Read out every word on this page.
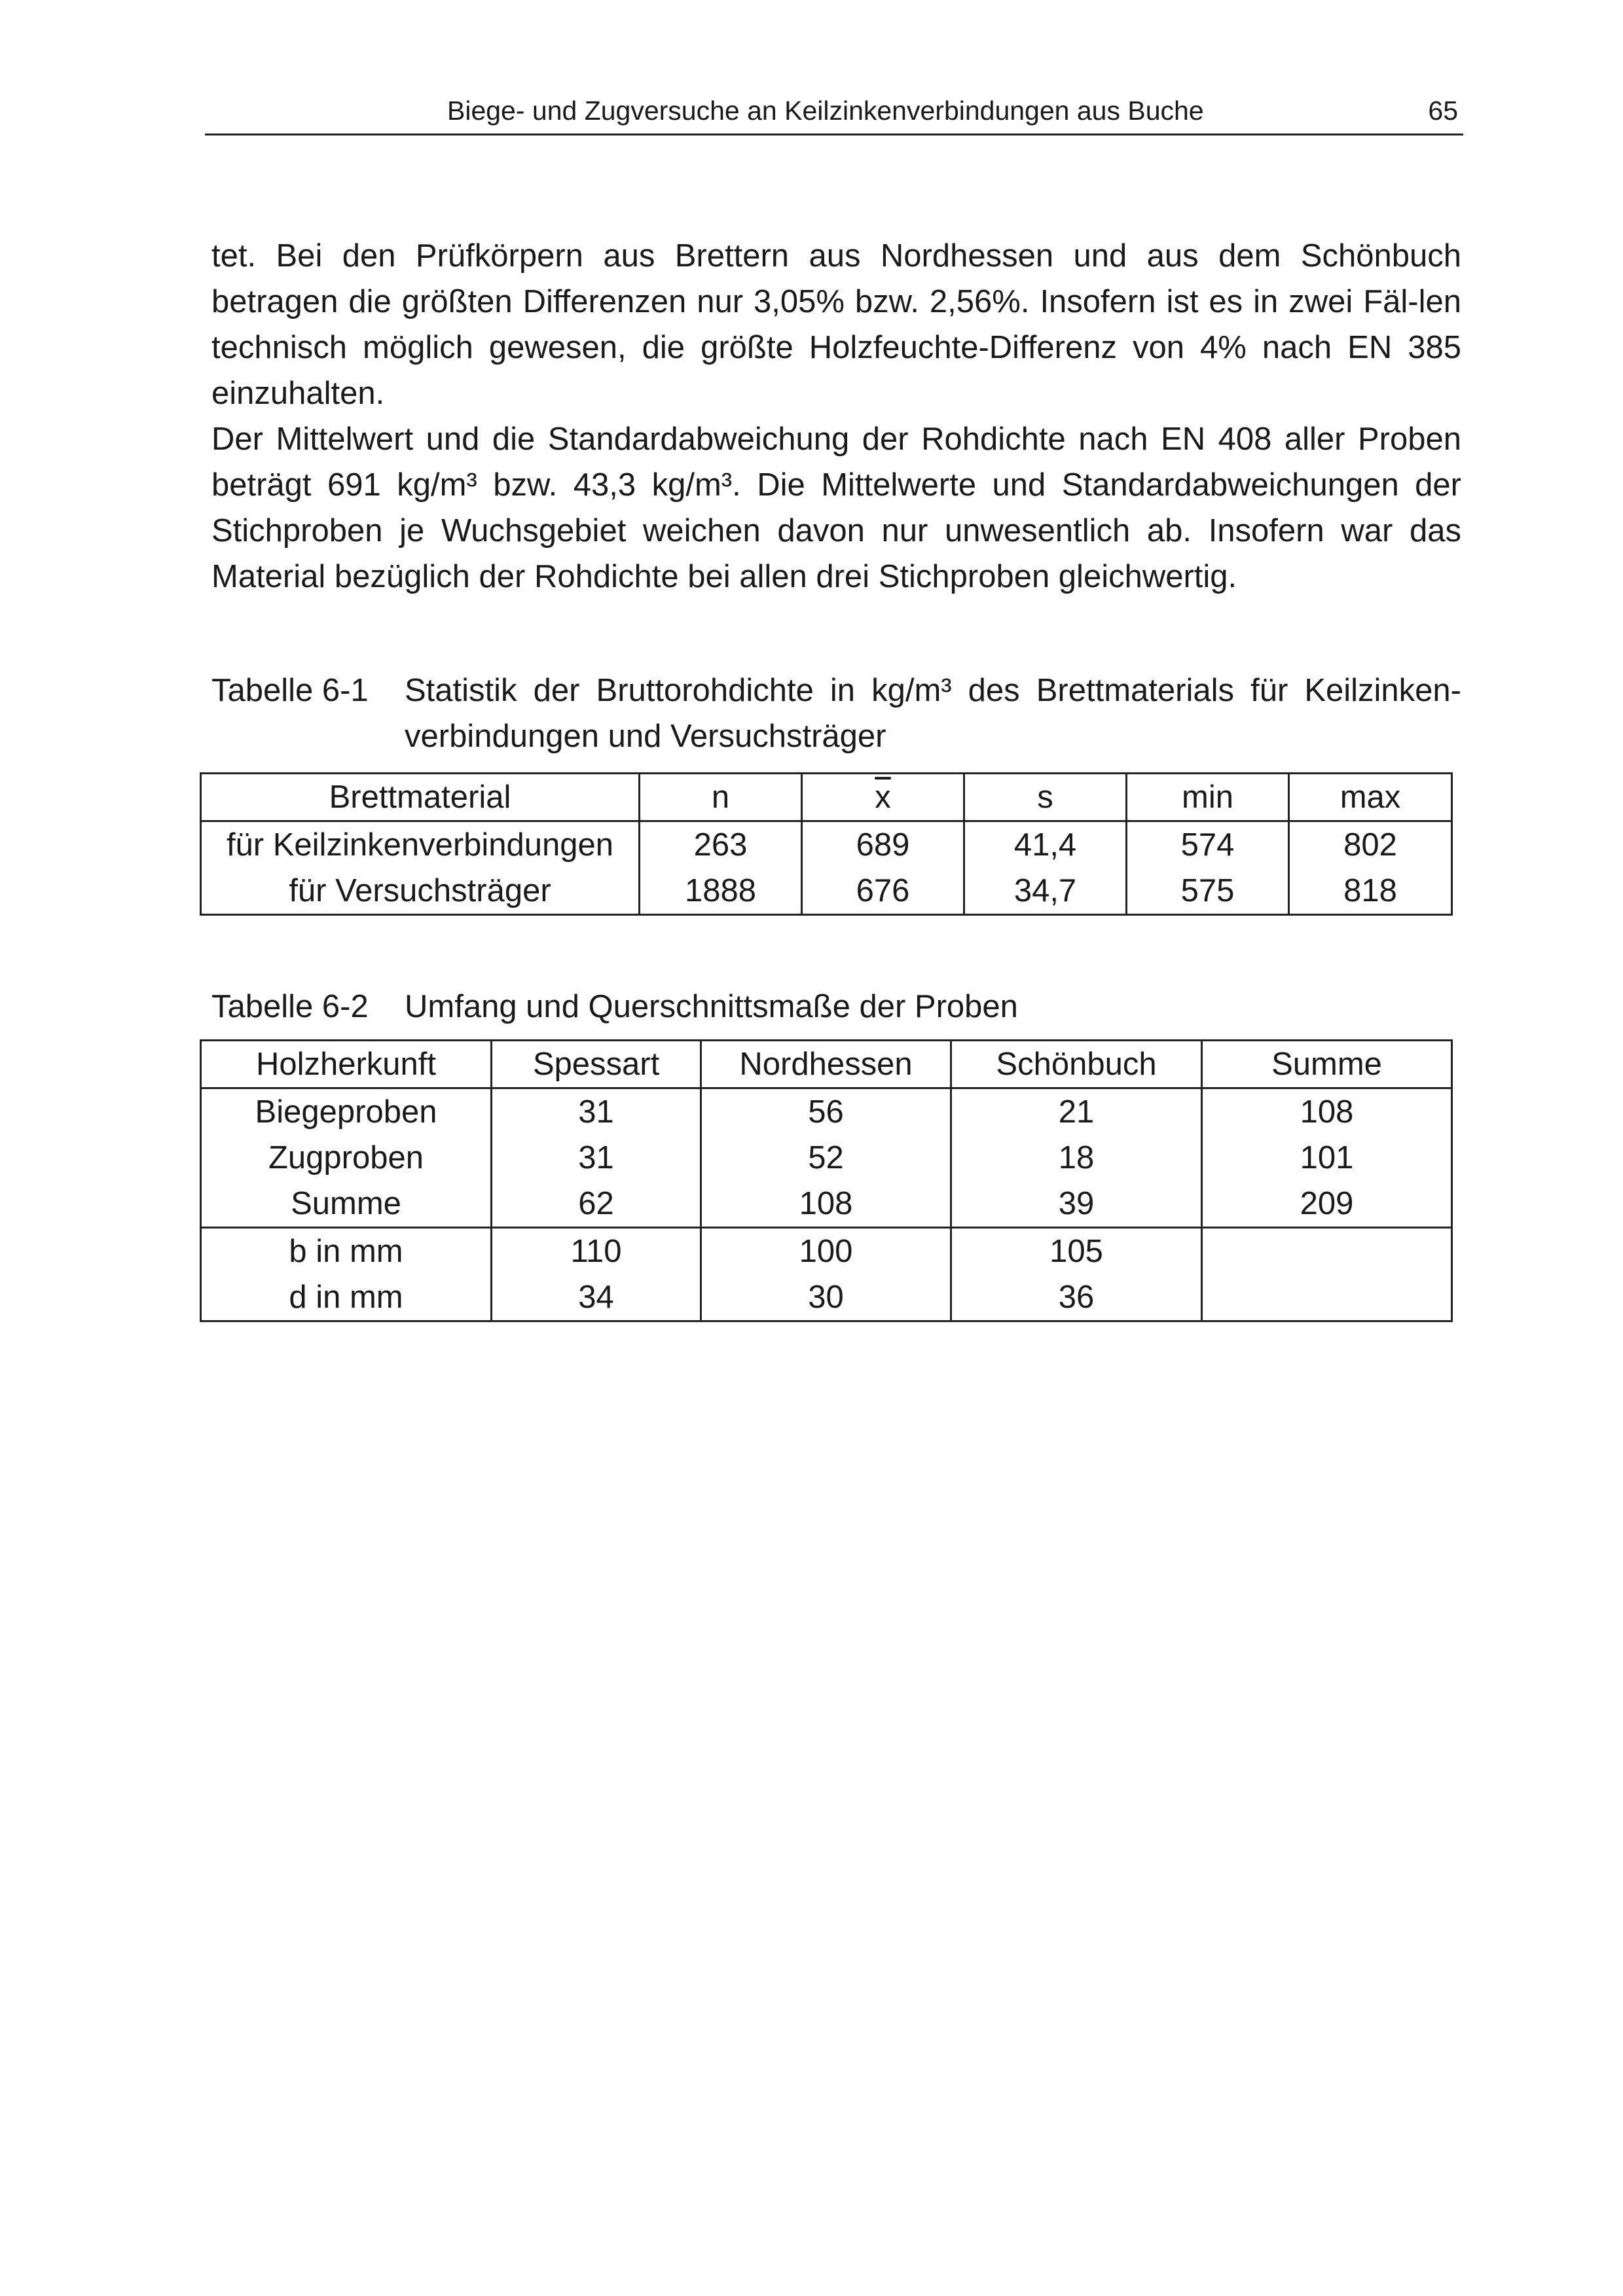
Biege- und Zugversuche an Keilzinkenverbindungen aus Buche	65

tet. Bei den Prüfkörpern aus Brettern aus Nordhessen und aus dem Schönbuch betragen die größten Differenzen nur 3,05% bzw. 2,56%. Insofern ist es in zwei Fäl-len technisch möglich gewesen, die größte Holzfeuchte-Differenz von 4% nach EN 385 einzuhalten.

Der Mittelwert und die Standardabweichung der Rohdichte nach EN 408 aller Proben beträgt 691 kg/m³ bzw. 43,3 kg/m³. Die Mittelwerte und Standardabweichungen der Stichproben je Wuchsgebiet weichen davon nur unwesentlich ab. Insofern war das Material bezüglich der Rohdichte bei allen drei Stichproben gleichwertig.

Tabelle 6-1	Statistik der Bruttorohdichte in kg/m³ des Brettmaterials für Keilzinken-verbindungen und Versuchsträger
Brettmaterial	n	$\overline{x}$	s	min	max
für Keilzinkenverbindungen	263	689	41,4	574	802
für Versuchsträger	1888	676	34,7	575	818
Tabelle 6-2	Umfang und Querschnittsmaße der Proben
Holzherkunft	Spessart	Nordhessen	Schönbuch	Summe
Biegeproben	31	56	21	108
Zugproben	31	52	18	101
Summe	62	108	39	209
b in mm	110	100	105	
d in mm	34	30	36	
